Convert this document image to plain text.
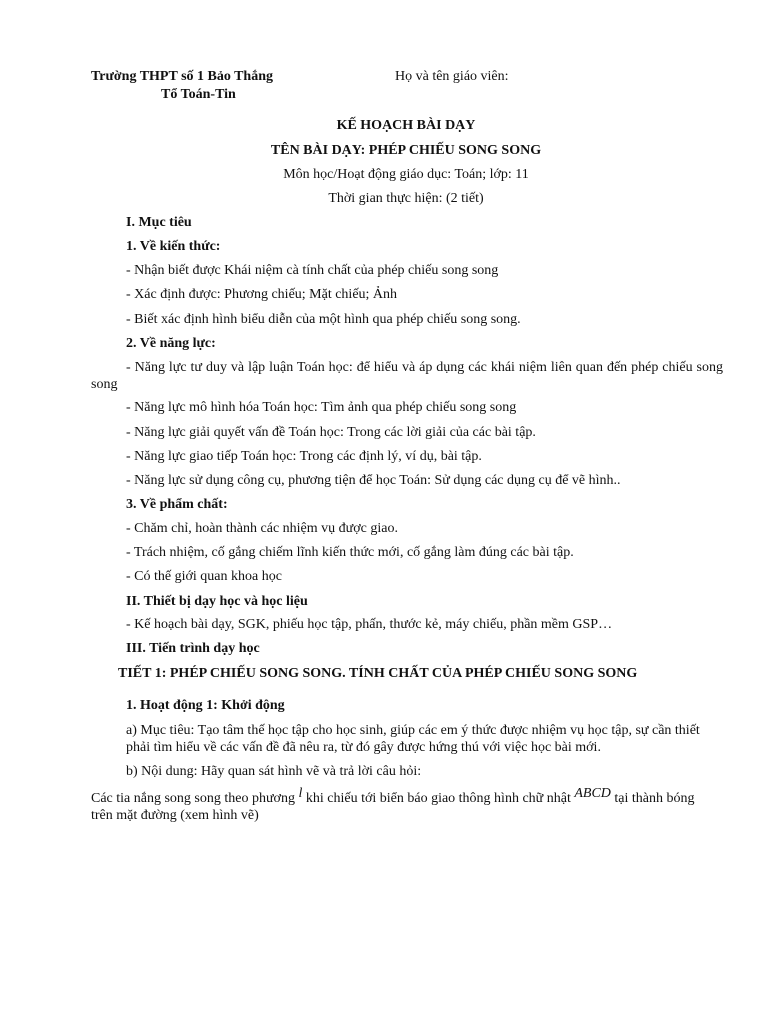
Trường THPT số 1 Bảo Thắng
Tổ Toán-Tin
Họ và tên giáo viên:
KẾ HOẠCH BÀI DẠY
TÊN BÀI DẠY: PHÉP CHIẾU SONG SONG
Môn học/Hoạt động giáo dục: Toán; lớp: 11
Thời gian thực hiện: (2 tiết)
I. Mục tiêu
1. Về kiến thức:
- Nhận biết được Khái niệm cà tính chất của phép chiếu song song
- Xác định được: Phương chiếu; Mặt chiếu; Ảnh
- Biết xác định hình biểu diễn của một hình qua phép chiếu song song.
2. Về năng lực:
- Năng lực tư duy và lập luận Toán học: để hiểu và áp dụng các khái niệm liên quan đến phép chiếu song song
- Năng lực mô hình hóa Toán học: Tìm ảnh qua phép chiếu song song
- Năng lực giải quyết vấn đề Toán học: Trong các lời giải của các bài tập.
- Năng lực giao tiếp Toán học: Trong các định lý, ví dụ, bài tập.
- Năng lực sử dụng công cụ, phương tiện để học Toán: Sử dụng các dụng cụ để vẽ hình..
3. Về phẩm chất:
- Chăm chỉ, hoàn thành các nhiệm vụ được giao.
- Trách nhiệm, cố gắng chiếm lĩnh kiến thức mới, cố gắng làm đúng các bài tập.
- Có thế giới quan khoa học
II. Thiết bị dạy học và học liệu
- Kế hoạch bài dạy, SGK, phiếu học tập, phấn, thước kẻ, máy chiếu, phần mềm GSP…
III. Tiến trình dạy học
TIẾT 1: PHÉP CHIẾU SONG SONG. TÍNH CHẤT CỦA PHÉP CHIẾU SONG SONG
1. Hoạt động 1: Khởi động
a) Mục tiêu: Tạo tâm thế học tập cho học sinh, giúp các em ý thức được nhiệm vụ học tập, sự cần thiết phải tìm hiểu về các vấn đề đã nêu ra, từ đó gây được hứng thú với việc học bài mới.
b) Nội dung: Hãy quan sát hình vẽ và trả lời câu hỏi:
Các tia nắng song song theo phương l khi chiếu tới biển báo giao thông hình chữ nhật ABCD tại thành bóng trên mặt đường (xem hình vẽ)
